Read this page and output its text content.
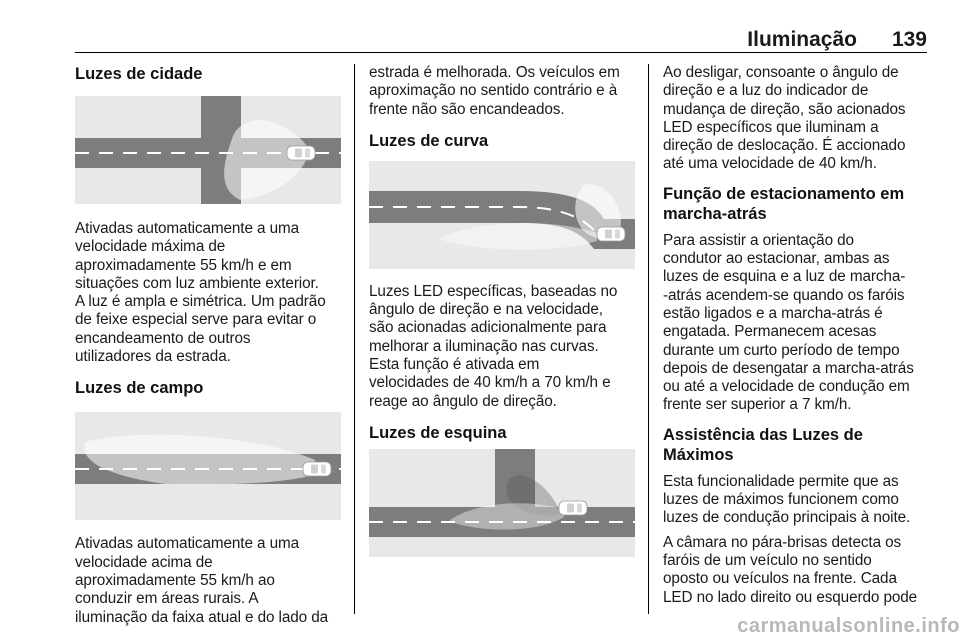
Iluminação 139
Luzes de cidade

Ativadas automaticamente a uma
velocidade máxima de
aproximadamente 55 km/h e em
situações com luz ambiente exterior.
A luz é ampla e simétrica. Um padrão
de feixe especial serve para evitar o
encandeamento de outros
utilizadores da estrada.

Luzes de campo

Ativadas automaticamente a uma
velocidade acima de
aproximadamente 55 km/h ao
conduzir em áreas rurais. A
iluminação da faixa atual e do lado da

estrada é melhorada. Os veículos em
aproximação no sentido contrário e à
frente não são encandeados.

Luzes de curva

Luzes LED específicas, baseadas no
ângulo de direção e na velocidade,
são acionadas adicionalmente para
melhorar a iluminação nas curvas.
Esta função é ativada em
velocidades de 40 km/h a 70 km/h e
reage ao ângulo de direção.

Luzes de esquina

Ao desligar, consoante o ângulo de
direção e a luz do indicador de
mudança de direção, são acionados
LED específicos que iluminam a
direção de deslocação. É accionado
até uma velocidade de 40 km/h.

Função de estacionamento em
marcha-atrás

Para assistir a orientação do
condutor ao estacionar, ambas as
luzes de esquina e a luz de marcha-
-atrás acendem-se quando os faróis
estão ligados e a marcha-atrás é
engatada. Permanecem acesas
durante um curto período de tempo
depois de desengatar a marcha-atrás
ou até a velocidade de condução em
frente ser superior a 7 km/h.

Assistência das Luzes de
Máximos

Esta funcionalidade permite que as
luzes de máximos funcionem como
luzes de condução principais à noite.

A câmara no pára-brisas detecta os
faróis de um veículo no sentido
oposto ou veículos na frente. Cada
LED no lado direito ou esquerdo pode

carmanualsonline.info
